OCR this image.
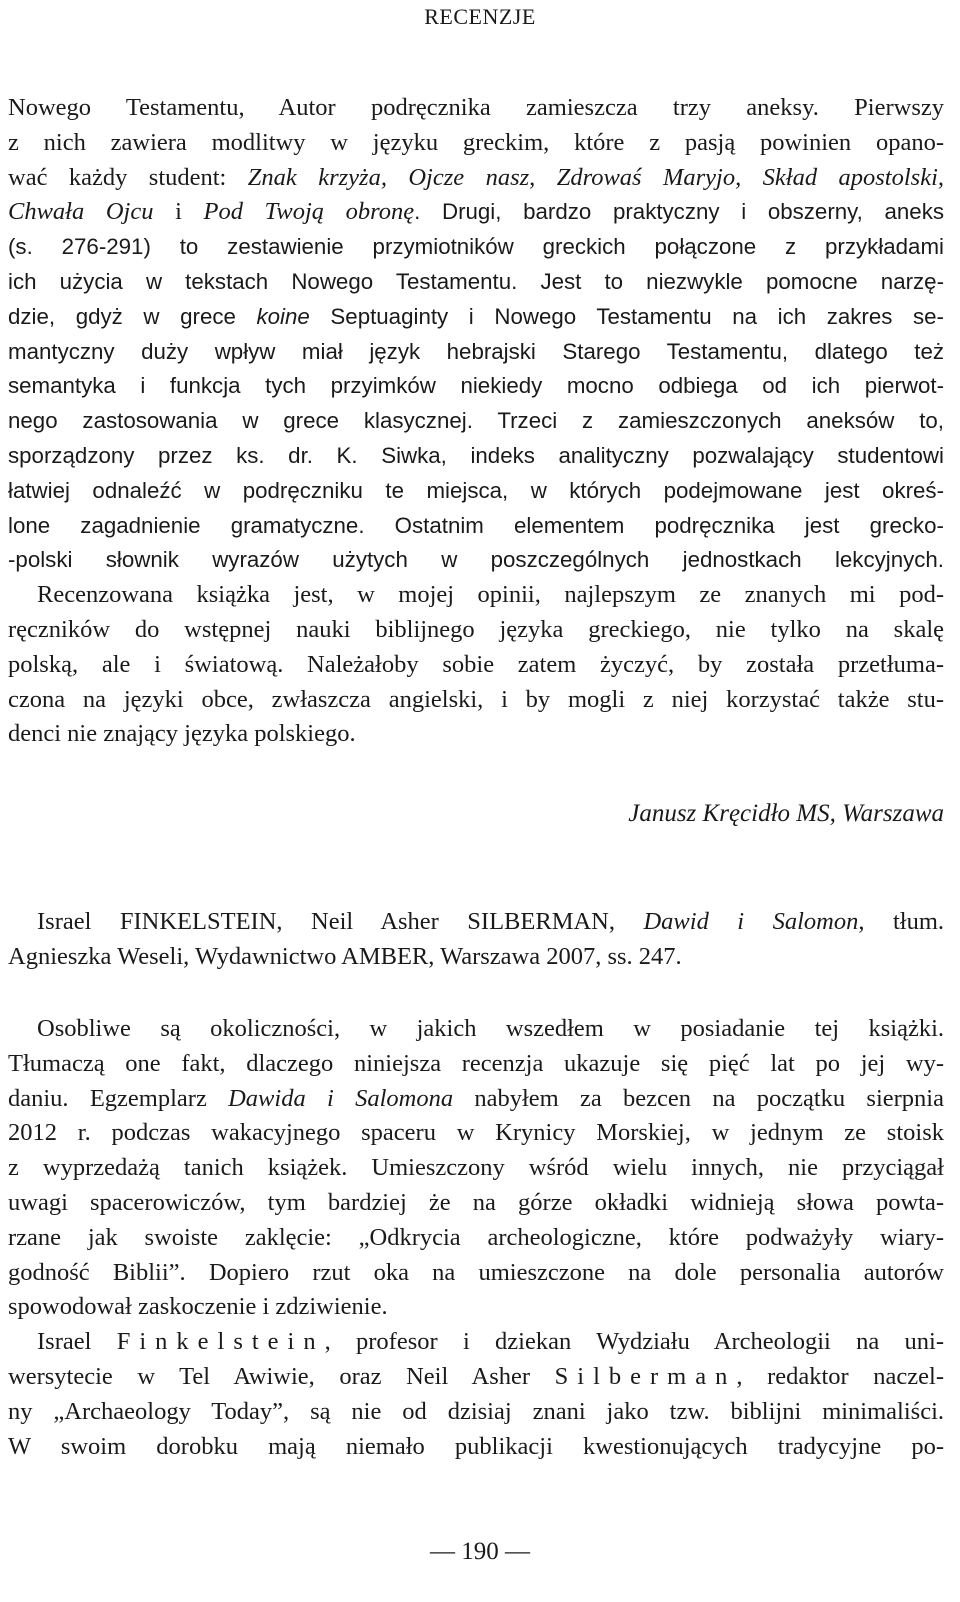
RECENZJE
Nowego Testamentu, Autor podręcznika zamieszcza trzy aneksy. Pierwszy
z nich zawiera modlitwy w języku greckim, które z pasją powinien opano-
wać każdy student: Znak krzyża, Ojcze nasz, Zdrowaś Maryjo, Skład apostolski,
Chwała Ojcu i Pod Twoją obronę. Drugi, bardzo praktyczny i obszerny, aneks
(s. 276-291) to zestawienie przymiotników greckich połączone z przykładami
ich użycia w tekstach Nowego Testamentu. Jest to niezwykle pomocne narzę-
dzie, gdyż w grece koine Septuaginty i Nowego Testamentu na ich zakres se-
mantyczny duży wpływ miał język hebrajski Starego Testamentu, dlatego też
semantyka i funkcja tych przyimków niekiedy mocno odbiega od ich pierwot-
nego zastosowania w grece klasycznej. Trzeci z zamieszczonych aneksów to,
sporządzony przez ks. dr. K. Siwka, indeks analityczny pozwalający studentowi
łatwiej odnaleźć w podręczniku te miejsca, w których podejmowane jest okreś-
lone zagadnienie gramatyczne. Ostatnim elementem podręcznika jest grecko-
-polski słownik wyrazów użytych w poszczególnych jednostkach lekcyjnych.
Recenzowana książka jest, w mojej opinii, najlepszym ze znanych mi pod-
ręczników do wstępnej nauki biblijnego języka greckiego, nie tylko na skalę
polską, ale i światową. Należałoby sobie zatem życzyć, by została przetłuma-
czona na języki obce, zwłaszcza angielski, i by mogli z niej korzystać także stu-
denci nie znający języka polskiego.
Janusz Kręcidło MS, Warszawa
Israel FINKELSTEIN, Neil Asher SILBERMAN, Dawid i Salomon, tłum.
Agnieszka Weseli, Wydawnictwo AMBER, Warszawa 2007, ss. 247.
Osobliwe są okoliczności, w jakich wszedłem w posiadanie tej książki.
Tłumaczą one fakt, dlaczego niniejsza recenzja ukazuje się pięć lat po jej wy-
daniu. Egzemplarz Dawida i Salomona nabyłem za bezcen na początku sierpnia
2012 r. podczas wakacyjnego spaceru w Krynicy Morskiej, w jednym ze stoisk
z wyprzedażą tanich książek. Umieszczony wśród wielu innych, nie przyciągał
uwagi spacerowiczów, tym bardziej że na górze okładki widnieją słowa powta-
rzane jak swoiste zaklęcie: „Odkrycia archeologiczne, które podważyły wiary-
godność Biblii”. Dopiero rzut oka na umieszczone na dole personalia autorów
spowodował zaskoczenie i zdziwienie.
Israel Finkelstein, profesor i dziekan Wydziału Archeologii na uni-
wersytecie w Tel Awiwie, oraz Neil Asher Silberman, redaktor naczel-
ny „Archaeology Today”, są nie od dzisiaj znani jako tzw. biblijni minimaliści.
W swoim dorobku mają niemało publikacji kwestionujących tradycyjne po-
— 190 —
